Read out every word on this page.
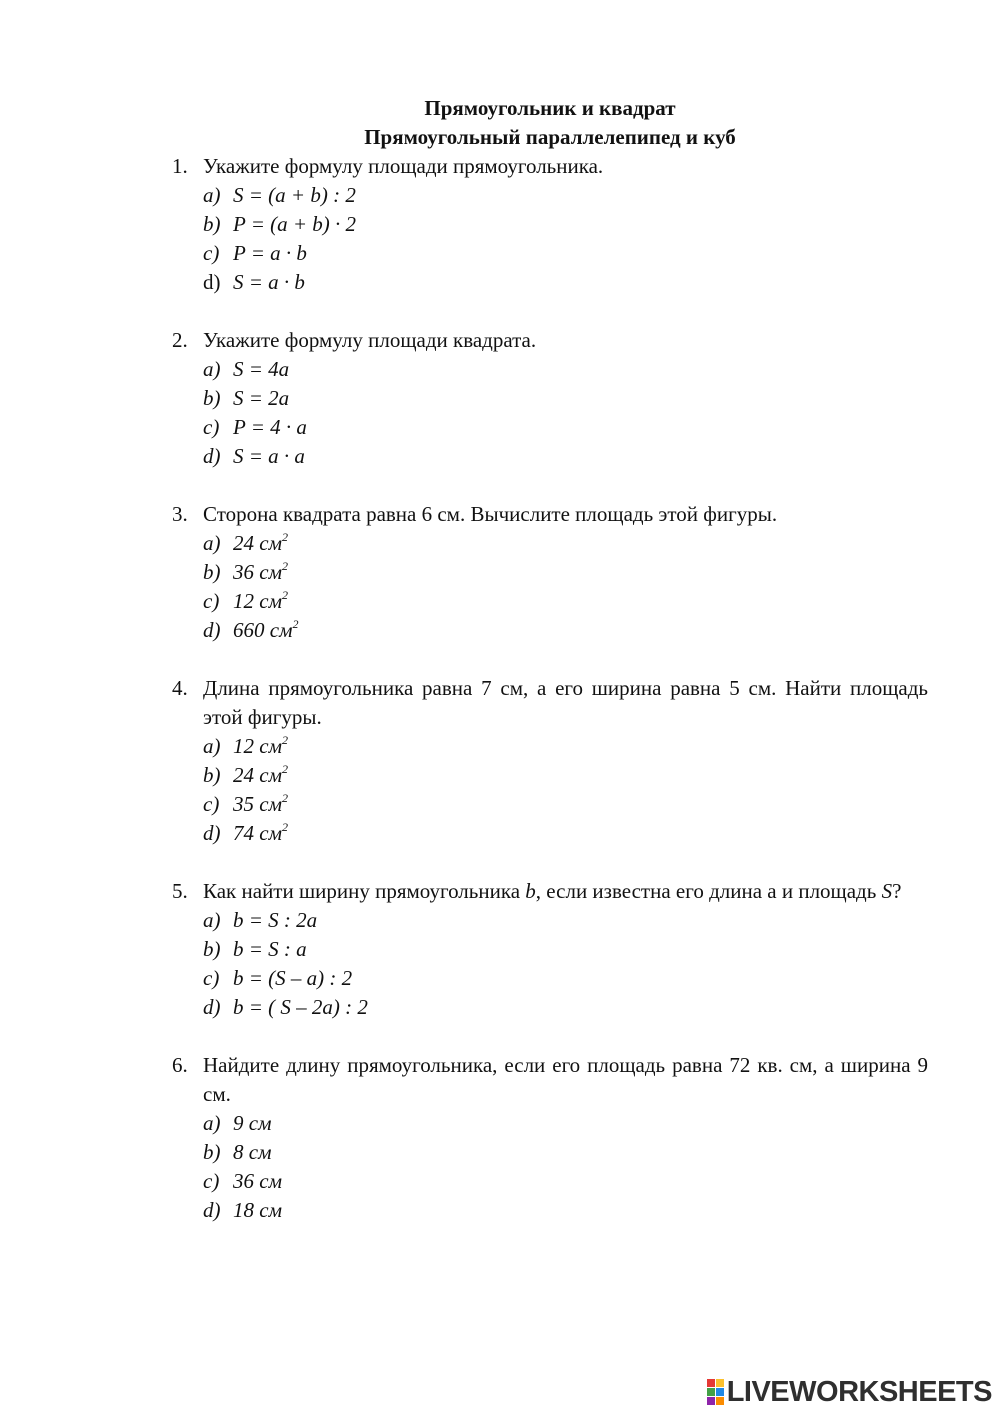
Прямоугольник и квадрат
Прямоугольный параллелепипед и куб
1. Укажите формулу площади прямоугольника.
a) S = (a + b) : 2
b) P = (a + b) · 2
c) P = a · b
d) S = a · b
2. Укажите формулу площади квадрата.
a) S = 4a
b) S = 2a
c) P = 4 · a
d) S = a · a
3. Сторона квадрата равна 6 см. Вычислите площадь этой фигуры.
a) 24 $см^2$
b) 36 $см^2$
c) 12 $см^2$
d) 660 $см^2$
4. Длина прямоугольника равна 7 см, а его ширина равна 5 см. Найти площадь этой фигуры.
a) 12 $см^2$
b) 24 $см^2$
c) 35 $см^2$
d) 74 $см^2$
5. Как найти ширину прямоугольника b, если известна его длина а и площадь S?
a) b = S : 2a
b) b = S : a
c) b = (S – a) : 2
d) b = ( S – 2a) : 2
6. Найдите длину прямоугольника, если его площадь равна 72 кв. см, а ширина 9 см.
a) 9 см
b) 8 см
c) 36 см
d) 18 см
LIVEWORKSHEETS
